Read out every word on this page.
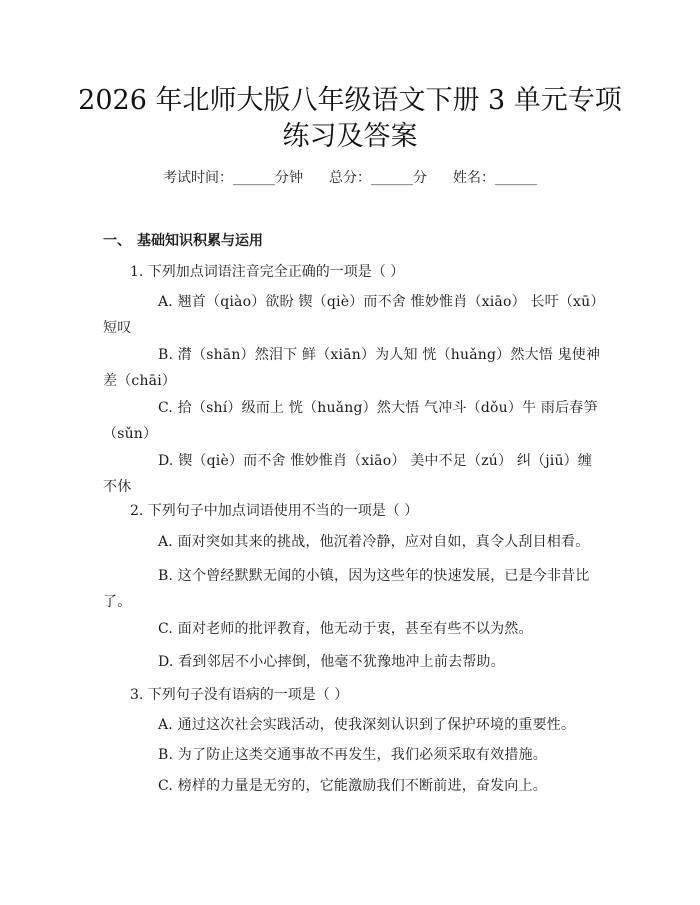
2026 年北师大版八年级语文下册 3 单元专项
练习及答案
考试时间：______分钟 总分：______分 姓名：______
一、 基础知识积累与运用
1. 下列加点词语注音完全正确的一项是（ ）
A. 翘首（qiào）欲盼 锲（qiè）而不舍 惟妙惟肖（xiāo） 长吁（xū）短叹
B. 潸（shān）然泪下 鲜（xiān）为人知 恍（huǎng）然大悟 鬼使神差（chāi）
C. 拾（shí）级而上 恍（huǎng）然大悟 气冲斗（dǒu）牛 雨后春笋（sǔn）
D. 锲（qiè）而不舍 惟妙惟肖（xiāo） 美中不足（zú） 纠（jiū）缠不休
2. 下列句子中加点词语使用不当的一项是（ ）
A. 面对突如其来的挑战，他沉着冷静，应对自如，真令人刮目相看。
B. 这个曾经默默无闻的小镇，因为这些年的快速发展，已是今非昔比了。
C. 面对老师的批评教育，他无动于衷，甚至有些不以为然。
D. 看到邻居不小心摔倒，他毫不犹豫地冲上前去帮助。
3. 下列句子没有语病的一项是（ ）
A. 通过这次社会实践活动，使我深刻认识到了保护环境的重要性。
B. 为了防止这类交通事故不再发生，我们必须采取有效措施。
C. 榜样的力量是无穷的，它能激励我们不断前进，奋发向上。
